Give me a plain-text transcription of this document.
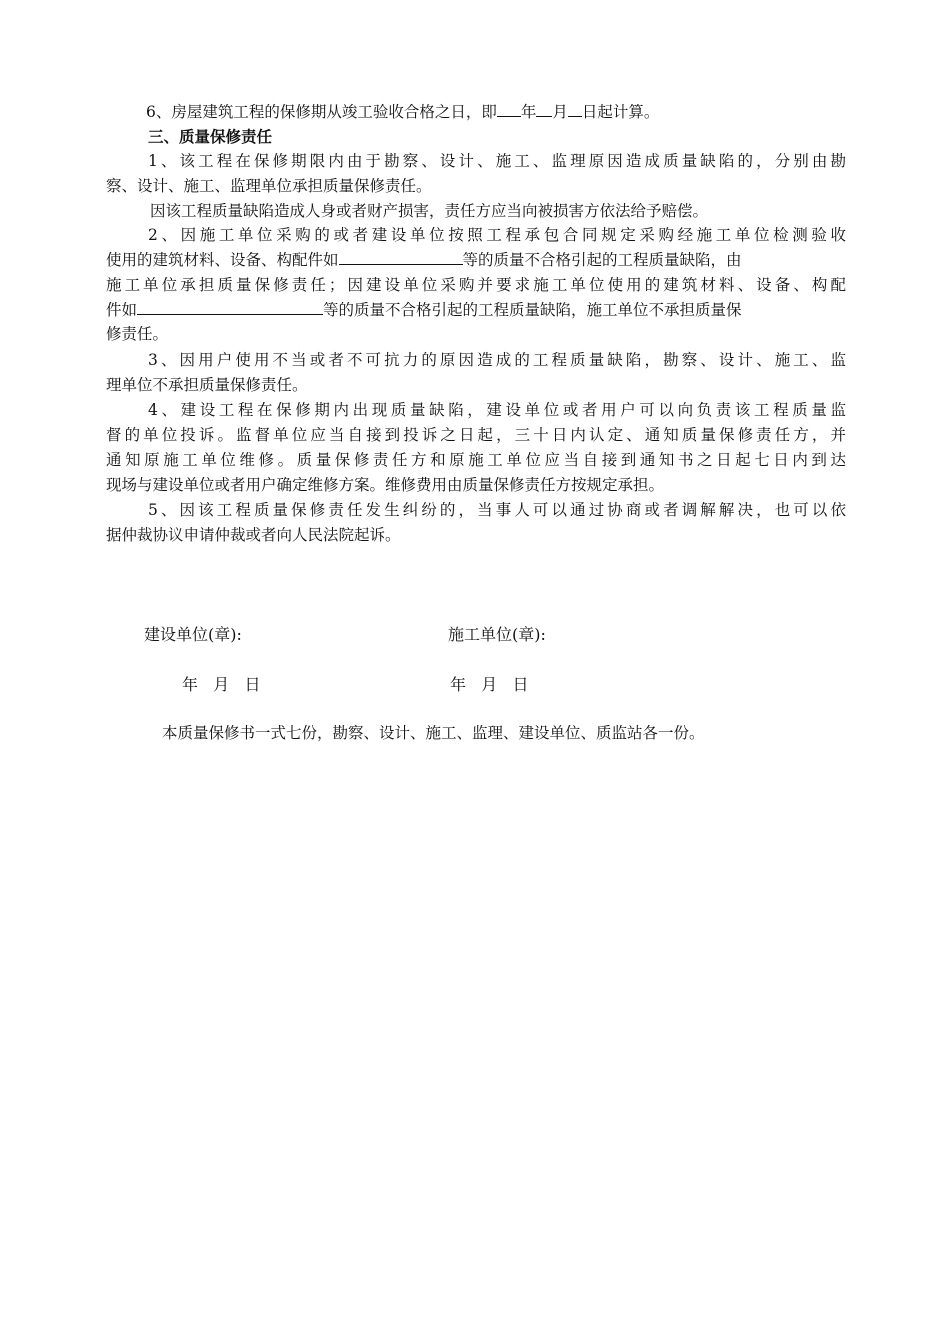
6、房屋建筑工程的保修期从竣工验收合格之日，即 年 月 日起计算。
三、质量保修责任
1、该工程在保修期限内由于勘察、设计、施工、监理原因造成质量缺陷的，分别由勘
察、设计、施工、监理单位承担质量保修责任。
因该工程质量缺陷造成人身或者财产损害，责任方应当向被损害方依法给予赔偿。
2、因施工单位采购的或者建设单位按照工程承包合同规定采购经施工单位检测验收
使用的建筑材料、设备、构配件如	等的质量不合格引起的工程质量缺陷，由
施工单位承担质量保修责任；因建设单位采购并要求施工单位使用的建筑材料、设备、构配
件如	等的质量不合格引起的工程质量缺陷，施工单位不承担质量保
修责任。
3、因用户使用不当或者不可抗力的原因造成的工程质量缺陷，勘察、设计、施工、监
理单位不承担质量保修责任。
4、建设工程在保修期内出现质量缺陷，建设单位或者用户可以向负责该工程质量监
督的单位投诉。监督单位应当自接到投诉之日起，三十日内认定、通知质量保修责任方，并
通知原施工单位维修。质量保修责任方和原施工单位应当自接到通知书之日起七日内到达
现场与建设单位或者用户确定维修方案。维修费用由质量保修责任方按规定承担。
5、因该工程质量保修责任发生纠纷的，当事人可以通过协商或者调解解决，也可以依
据仲裁协议申请仲裁或者向人民法院起诉。
建设单位(章):	施工单位(章):
年   月   日	年   月   日
本质量保修书一式七份，勘察、设计、施工、监理、建设单位、质监站各一份。
